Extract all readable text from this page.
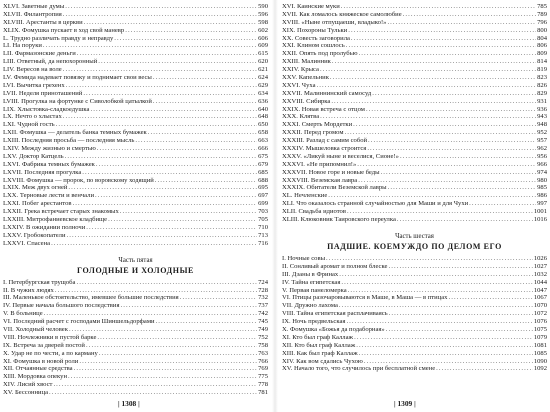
XLVI. Заветные думы .....	590
XLVII. Филантропия .....	596
XLVIII. Арестанты в церкви .....	598
XLIX. Фомушка пускает в ход свой маневр .....	602
L. Трудно различать правду и неправду .....	606
LI. На поруки .....	609
LII. Фармазонские деньги .....	615
LIII. Ответный, да непохоронный .....	620
LIV. Вересов на воле .....	621
LV. Фемида надевает повязку и поднимает свои весы .....	624
LVI. Вычитка грехенх .....	629
LVII. Неделя приноташений .....	634
LVIII. Прогулка на фортунке с Сиволобкой цатылкой .....	636
LIX. Хлыстовка-сладкоедушка .....	640
LX. Нечто о хлыстах .....	648
LXI. Чудной гость .....	650
LXII. Фомушка — делатель банка темных бумажек .....	658
LXIII. Последняя просьба — последняя мысль .....	663
LXIV. Между жизнью и смертью .....	666
LXV. Доктор Катцель .....	675
LXVI. Фабрика темных бумажек .....	679
LXVII. Последняя прогулка .....	685
LXVIII. Фомушка — пророк, по воровскому ходящий .....	688
LXIX. Меж двух огней .....	695
LXX. Терновые лести и венчали .....	697
LXXI. Побег арестантов .....	699
LXXII. Грека встречает старых знакомых .....	703
LXXIII. Митрофаниевское кладбище .....	705
LXXIV. В ожидании полночи .....	710
LXXV. Гробокопатели .....	713
LXXVI. Спасена .....	716
Часть пятая
ГОЛОДНЫЕ И ХОЛОДНЫЕ
I. Петербургская трущоба .....	724
II. В чужих людях .....	728
III. Маленькое обстоятельство, имевшее большие последствия .....	732
IV. Первые начала большого последствия .....	737
V. В больнице .....	742
VI. Последний расчет с господами Шиншельдорфами .....	745
VII. Холодный человек .....	749
VIII. Ночлежники в пустой барке .....	752
IX. Встреча за дверей постой .....	758
X. Удар не по чести, а по карману .....	763
XI. Фомушка в новой роли .....	766
XII. Отчаянные средства .....	769
XIII. Мордовка опекун .....	775
XIV. Лисий хвост .....	778
XV. Бессонница .....	781
XVI. Каинские муки .....	785
XVII. Как ломалось княжеское самолюбие .....	789
XVIII. «Ныне отпущаеши, владыко!» .....	796
XIX. Похороны Тульки .....	800
XX. Совесть заговорила .....	804
XXI. Клином сошлось .....	806
XXII. Опять под пролубью .....	809
XXIII. Малинник .....	814
XXIV. Крыса .....	819
XXV. Капельник .....	823
XXVI. Чуха .....	826
XXVII. Малиннинский самосуд .....	829
XXVIII. Сибирка .....	931
XXIX. Новая встреча с отцом .....	936
XXX. Клятва .....	943
XXXI. Смерть Мордетки .....	948
XXXII. Перед громом .....	952
XXXIII. Разлад с самим собой .....	957
XXXIV. Мышеловка строится .....	962
XXXV. «Ликуй ныне и веселися, Сионе!» .....	956
XXXVI. «Не припомнил!» .....	966
XXXVII. Новое горе и новые беды .....	974
XXXVIII. Веземская лавра .....	980
XXXIX. Обитатели Веземской лавры .....	985
XL. Нечленские .....	986
XLI. Что оказалось странной случайностью для Маши и для Чухи .....	997
XLII. Свадьба идиотов .....	1001
XLIII. Клюковник Таировского переулка .....	1016
Часть шестая
ПАДШИЕ. КОЕМУЖДО ПО ДЕЛОМ ЕГО
I. Ночные совы .....	1026
II. Сонливый аромат и полном блеске .....	1027
III. Дзаны в Фринах .....	1032
IV. Тайна египетская .....	1044
V. Первая панеломерка .....	1047
VI. Птицы разочаровываются в Маше, в Маша — в птицах .....	1067
VII. Дружно лахома .....	1070
VIII. Тайна египетская расплачиваясь .....	1072
IX. Ночь предвельская .....	1076
X. Фомушка «Божья да подаборная» .....	1075
XI. Кто был граф Каллаж .....	1079
XII. Кто был граф Каллаж .....	1081
XIII. Как был граф Каллаж .....	1085
XIV. Как вом сдались Чухою .....	1090
XV. Начало того, что случилось при бесплатной смене .....	1092
| 1308 |	| 1309 |
